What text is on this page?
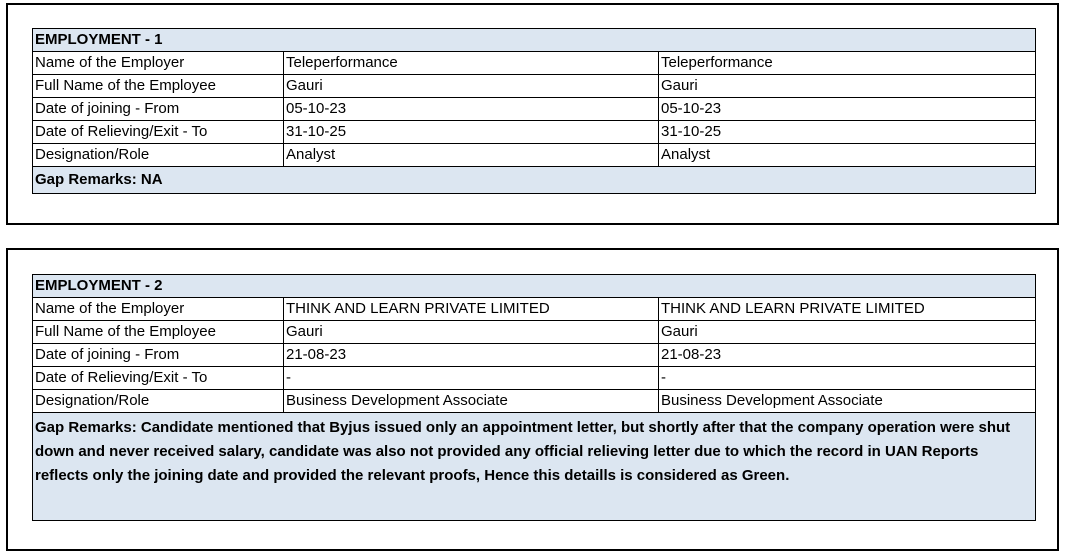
EMPLOYMENT - 1		
Name of the Employer	Teleperformance	Teleperformance
Full Name of the Employee	Gauri	Gauri
Date of joining - From	05-10-23	05-10-23
Date of Relieving/Exit - To	31-10-25	31-10-25
Designation/Role	Analyst	Analyst
Gap Remarks: NA		
EMPLOYMENT - 2		
Name of the Employer	THINK AND LEARN PRIVATE LIMITED	THINK AND LEARN PRIVATE LIMITED
Full Name of the Employee	Gauri	Gauri
Date of joining - From	21-08-23	21-08-23
Date of Relieving/Exit - To	-	-
Designation/Role	Business Development Associate	Business Development Associate
Gap Remarks: Candidate mentioned that Byjus issued only an appointment letter, but shortly after that the company operation were shut down and never received salary, candidate was also not provided any official relieving letter due to which the record in UAN Reports reflects only the joining date and provided the relevant proofs, Hence this detaills is considered as Green.		
